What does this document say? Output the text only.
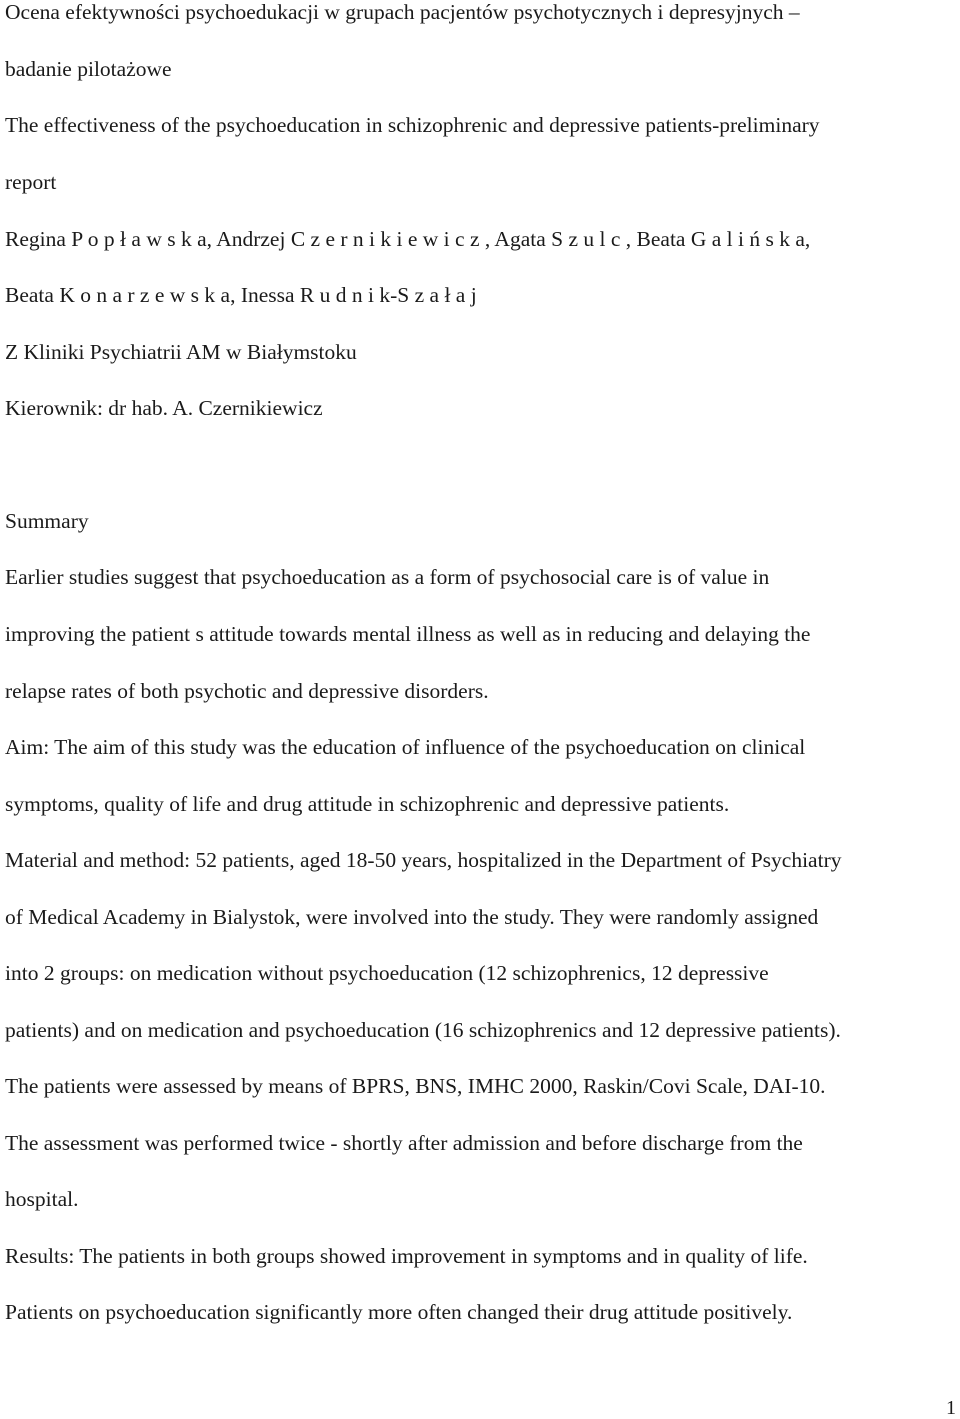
Ocena efektywności psychoedukacji w grupach pacjentów psychotycznych i depresyjnych –

badanie pilotażowe

The effectiveness of the psychoeducation in schizophrenic and depressive patients-preliminary

report

Regina P o p ł a w s k a, Andrzej C z e r n i k i e w i c z , Agata S z u l c , Beata G a l i ń s k a,

Beata K o n a r z e w s k a, Inessa R u d n i k-S z a ł a j

Z Kliniki Psychiatrii AM w Białymstoku

Kierownik: dr hab. A. Czernikiewicz

Summary

Earlier studies suggest that psychoeducation as a form of psychosocial care is of value in

improving the patient s attitude towards mental illness as well as in reducing and delaying the

relapse rates of both psychotic and depressive disorders.

Aim: The aim of this study was the education of influence of the psychoeducation on clinical

symptoms, quality of life and drug attitude in schizophrenic and depressive patients.

Material and method: 52 patients, aged 18-50 years, hospitalized in the Department of Psychiatry

of Medical Academy in Bialystok, were involved into the study. They were randomly assigned

into 2 groups: on medication without psychoeducation (12 schizophrenics, 12 depressive

patients) and on medication and psychoeducation (16 schizophrenics and 12 depressive patients).

The patients were assessed by means of BPRS, BNS, IMHC 2000, Raskin/Covi Scale, DAI-10.

The assessment was performed twice - shortly after admission and before discharge from the

hospital.

Results: The patients in both groups showed improvement in symptoms and in quality of life.

Patients on psychoeducation significantly more often changed their drug attitude positively.

1
